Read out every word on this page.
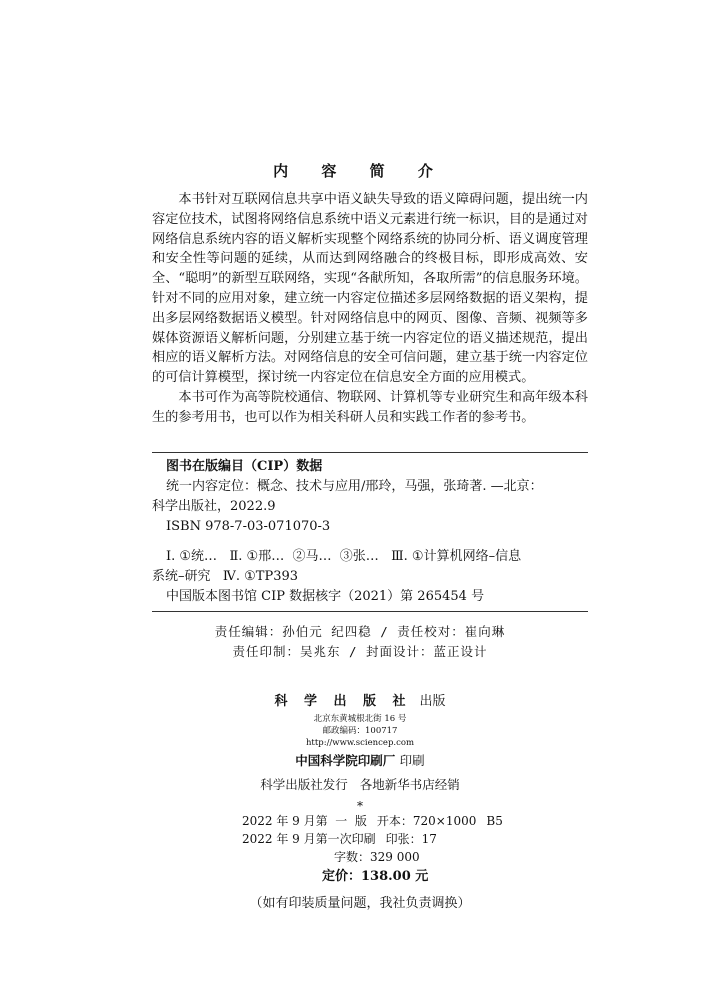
内 容 简 介

本书针对互联网信息共享中语义缺失导致的语义障碍问题，提出统一内容定位技术，试图将网络信息系统中语义元素进行统一标识，目的是通过对网络信息系统内容的语义解析实现整个网络系统的协同分析、语义调度管理和安全性等问题的延续，从而达到网络融合的终极目标，即形成高效、安全、“聪明”的新型互联网络，实现“各献所知，各取所需”的信息服务环境。针对不同的应用对象，建立统一内容定位描述多层网络数据的语义架构，提出多层网络数据语义模型。针对网络信息中的网页、图像、音频、视频等多媒体资源语义解析问题，分别建立基于统一内容定位的语义描述规范，提出相应的语义解析方法。对网络信息的安全可信问题，建立基于统一内容定位的可信计算模型，探讨统一内容定位在信息安全方面的应用模式。

本书可作为高等院校通信、物联网、计算机等专业研究生和高年级本科生的参考用书，也可以作为相关科研人员和实践工作者的参考书。

图书在版编目（CIP）数据
统一内容定位：概念、技术与应用/邢玲，马强，张琦著. —北京：
科学出版社，2022.9
ISBN 978-7-03-071070-3
Ⅰ. ①统…   Ⅱ. ①邢…  ②马…  ③张…   Ⅲ. ①计算机网络–信息
系统–研究   Ⅳ. ①TP393
中国版本图书馆 CIP 数据核字（2021）第 265454 号
责任编辑：孙伯元 纪四稳 / 责任校对：崔向琳
责任印制：吴兆东 / 封面设计：蓝正设计
科 学 出 版 社 出版
北京东黄城根北街 16 号
邮政编码：100717
http://www.sciencep.com
中国科学院印刷厂 印刷
科学出版社发行   各地新华书店经销
*
2022 年 9 月第  一  版 开本：720×1000 B5
2022 年 9 月第一次印刷 印张：17
字数：329 000
定价：138.00 元
（如有印装质量问题，我社负责调换）
